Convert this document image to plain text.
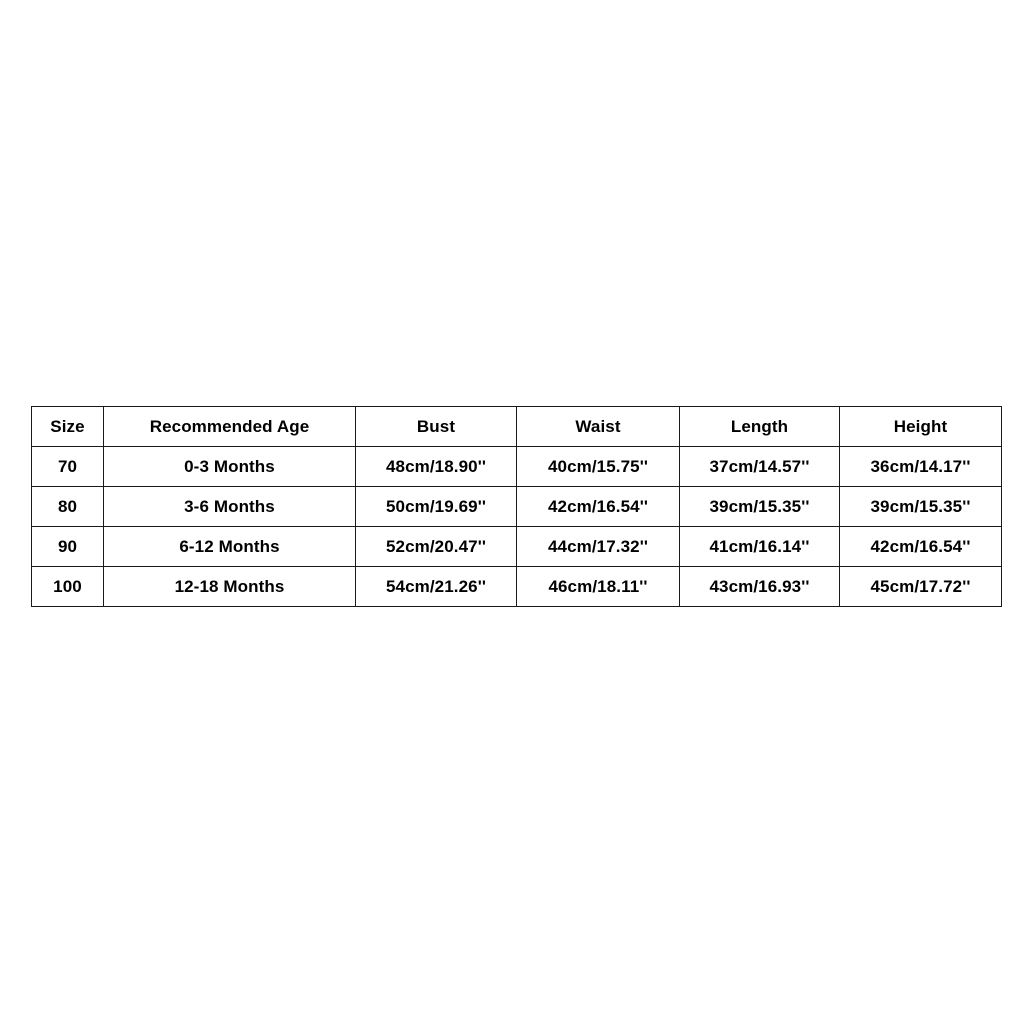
Size	Recommended Age	Bust	Waist	Length	Height
70	0-3 Months	48cm/18.90''	40cm/15.75''	37cm/14.57''	36cm/14.17''
80	3-6 Months	50cm/19.69''	42cm/16.54''	39cm/15.35''	39cm/15.35''
90	6-12 Months	52cm/20.47''	44cm/17.32''	41cm/16.14''	42cm/16.54''
100	12-18 Months	54cm/21.26''	46cm/18.11''	43cm/16.93''	45cm/17.72''
